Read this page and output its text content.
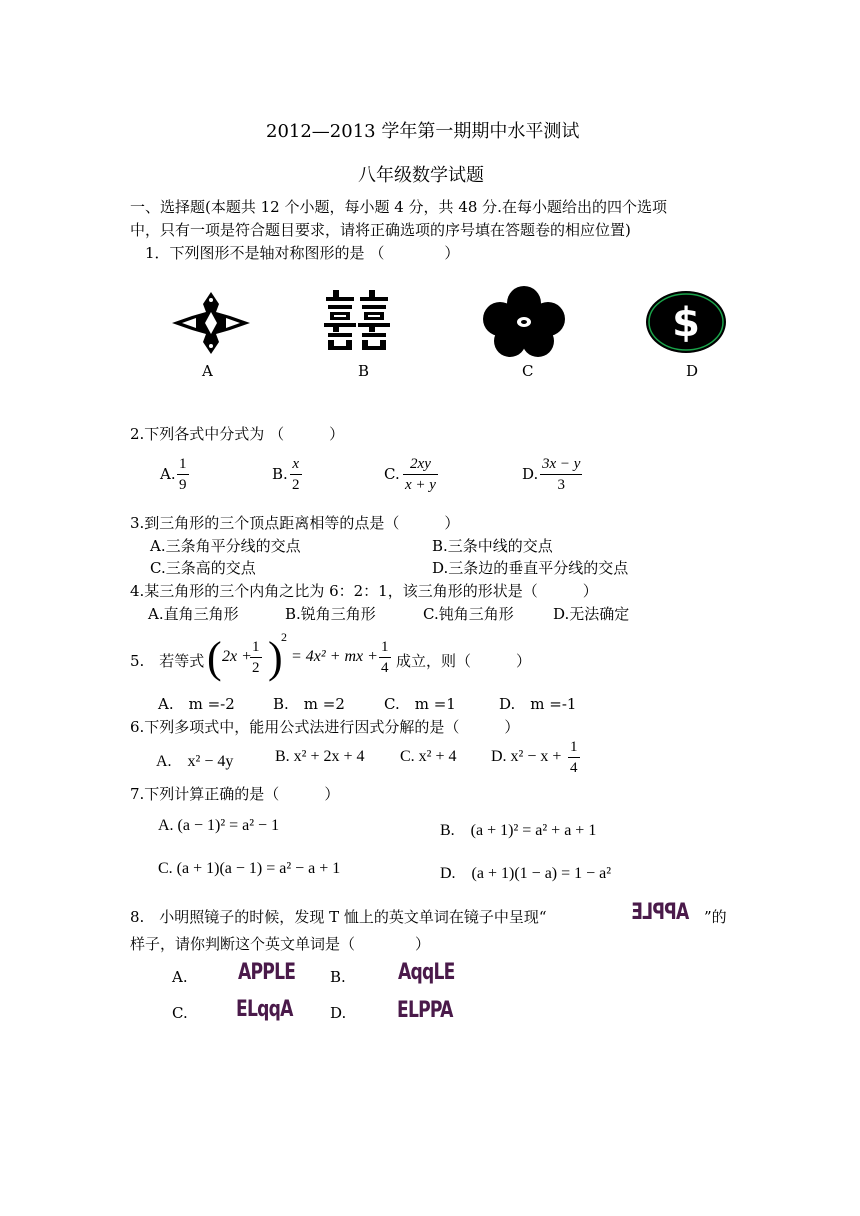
2012—2013 学年第一期期中水平测试
八年级数学试题
一、选择题(本题共 12 个小题，每小题 4 分，共 48 分.在每小题给出的四个选项
中，只有一项是符合题目要求，请将正确选项的序号填在答题卷的相应位置)
1．下列图形不是轴对称图形的是 （　　　　）
$
A	B	C	D
2.下列各式中分式为 （　　　）
A. $\frac{1}{9}$	B. $\frac{x}{2}$	C. $\frac{2xy}{x + y}$	D. $\frac{3x - y}{3}$
3.到三角形的三个顶点距离相等的点是（　　　）
A.三条角平分线的交点	B.三条中线的交点
C.三条高的交点	D.三条边的垂直平分线的交点
4.某三角形的三个内角之比为 6：2：1，该三角形的形状是（　　　）
A.直角三角形	B.锐角三角形	C.钝角三角形	D.无法确定
5.　若等式 ( 2x +
$\frac{1}{2}$ )
2
= 4x² + mx + $\frac{1}{4}$ 成立，则（　　　）
A.　m =-2	B.　m =2	C.　m =1	D.　m =-1
6.下列多项式中，能用公式法进行因式分解的是（　　　）
A.　x² − 4y	B. x² + 2x + 4 C. x² + 4 D. $x^2 - x + \frac{1}{4}$
7.下列计算正确的是（　　　）
A. (a − 1)² = a² − 1	B.　(a + 1)² = a² + a + 1
C. (a + 1)(a − 1) = a² − a + 1	D.　(a + 1)(1 − a) = 1 − a²
8.　小明照镜子的时候，发现 T 恤上的英文单词在镜子中呈现“	APPLE ”的
样子，请你判断这个英文单词是（　　　　）
A. APPLE B. AqqLE
C. ELqqA D. ELPPA
